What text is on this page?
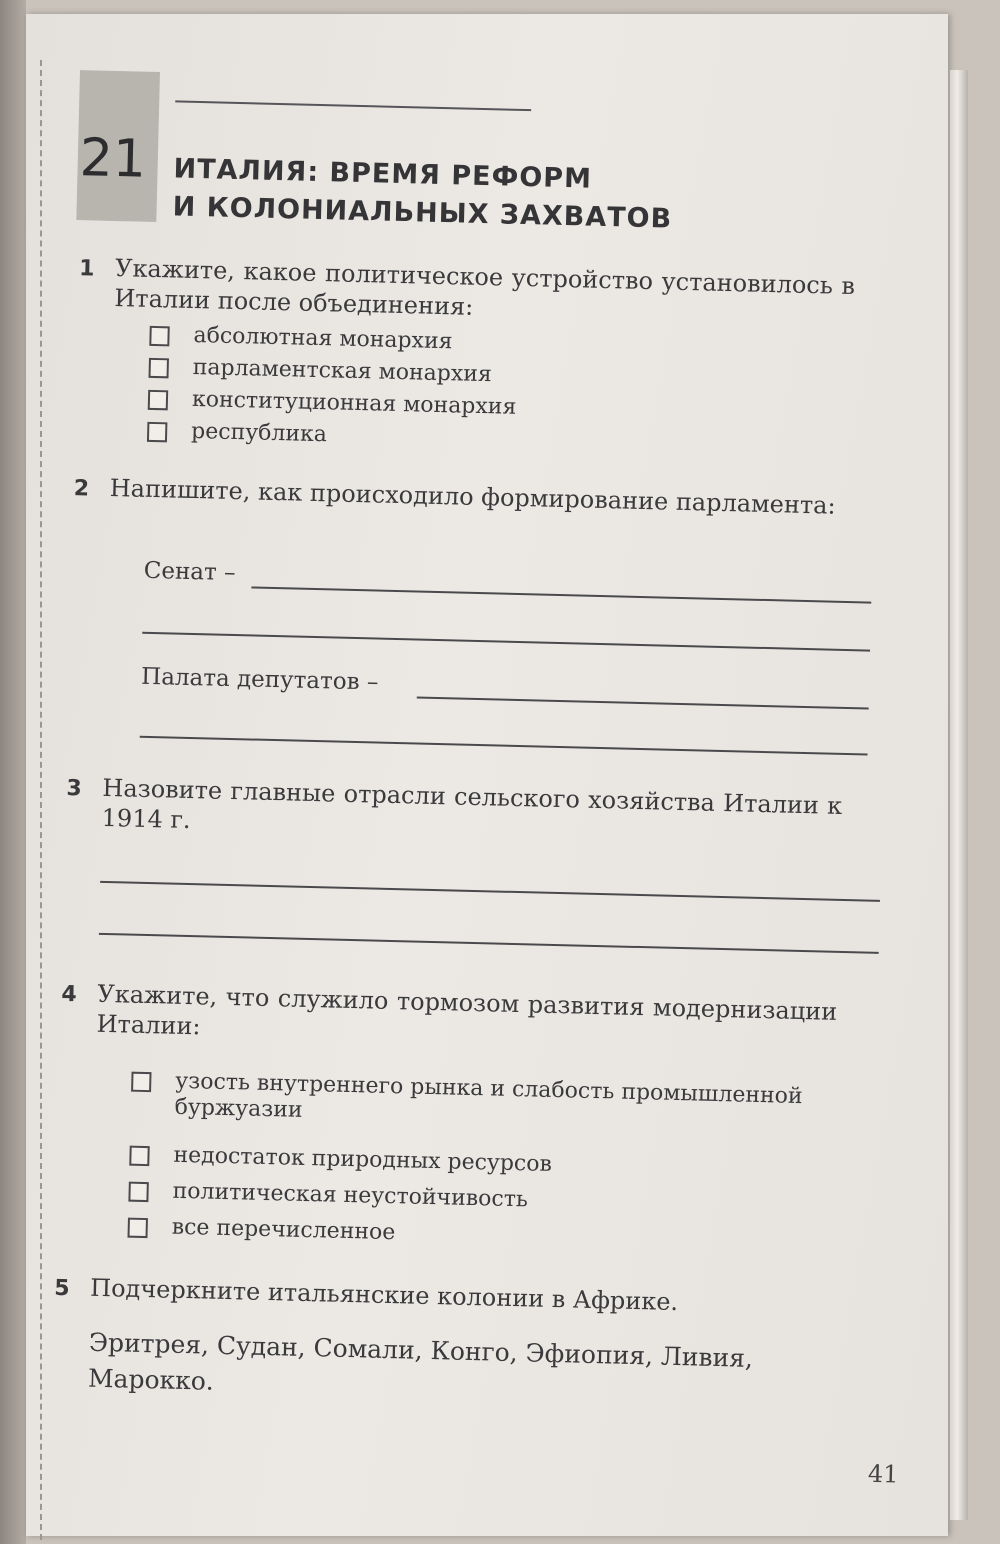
21 ИТАЛИЯ: ВРЕМЯ РЕФОРМ
И КОЛОНИАЛЬНЫХ ЗАХВАТОВ
1 Укажите, какое политическое устройство установилось в Италии после объединения:
абсолютная монархия
парламентская монархия
конституционная монархия
республика
2 Напишите, как происходило формирование парламента:
Сенат –
Палата депутатов –
3 Назовите главные отрасли сельского хозяйства Италии к 1914 г.
4 Укажите, что служило тормозом развития модернизации Италии:
узость внутреннего рынка и слабость промышленной буржуазии
недостаток природных ресурсов
политическая неустойчивость
все перечисленное
5 Подчеркните итальянские колонии в Африке.
Эритрея, Судан, Сомали, Конго, Эфиопия, Ливия, Марокко.
41
